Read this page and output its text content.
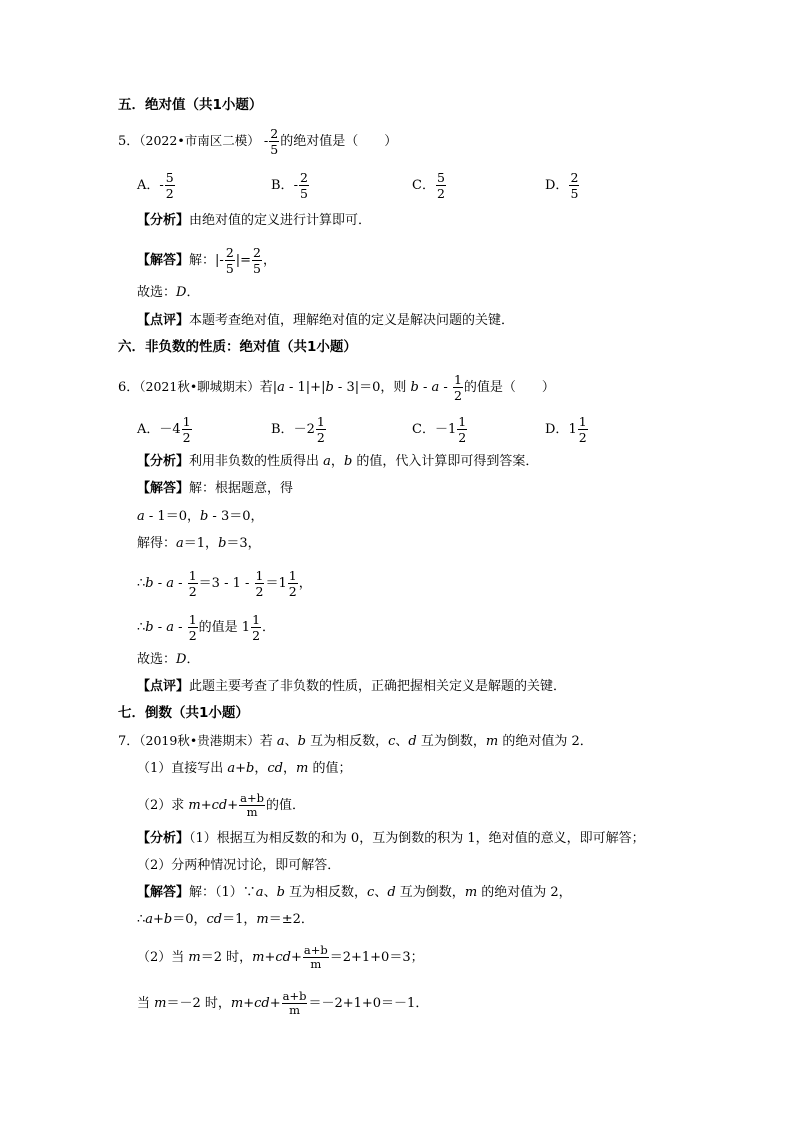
五．绝对值（共1小题）
5．（2022•市南区二模） - $\frac{2}{5}$ 的绝对值是（　　）
A．- $\frac{5}{2}$	B．- $\frac{2}{5}$	C． $\frac{5}{2}$	D． $\frac{2}{5}$
【分析】由绝对值的定义进行计算即可．
【解答】解：|- $\frac{2}{5}$ |= $\frac{2}{5}$ ，
故选：D．
【点评】本题考查绝对值，理解绝对值的定义是解决问题的关键．
六．非负数的性质：绝对值（共1小题）
6．（2021秋•聊城期末）若|a - 1|+|b - 3|＝0，则 b - a - $\frac{1}{2}$ 的值是（　　）
A．$-4 \frac{1}{2}$	B．$-2 \frac{1}{2}$	C．$-1 \frac{1}{2}$	D．$1 \frac{1}{2}$
【分析】利用非负数的性质得出 a，b 的值，代入计算即可得到答案．
【解答】解：根据题意，得
a - 1＝0，b - 3＝0，
解得：a＝1，b＝3，
∴b - $a - \frac{1}{2} =3 - 1 - \frac{1}{2} =1 \frac{1}{2}$ ，
∴b - a - $\frac{1}{2}$ 的值是 $1 \frac{1}{2}$ ．
故选：D．
【点评】此题主要考查了非负数的性质，正确把握相关定义是解题的关键．
七．倒数（共1小题）
7．（2019秋•贵港期末）若 a、b 互为相反数，c、d 互为倒数，m 的绝对值为 2．
（1）直接写出 a+b，cd，m 的值；
（2）求 $m+cd+ \frac{a+b}{m}$ 的值．
【分析】（1）根据互为相反数的和为 0，互为倒数的积为 1，绝对值的意义，即可解答；
（2）分两种情况讨论，即可解答．
【解答】解：（1）∵a、b 互为相反数，c、d 互为倒数，m 的绝对值为 2，
∴a+b＝0，cd＝1，m＝±2．
（2）当 m＝2 时，$m+cd+ \frac{a+b}{m} =2+1+0=3$；
当 m＝－2 时，$m+cd+ \frac{a+b}{m} =-2+1+0=-1$．
